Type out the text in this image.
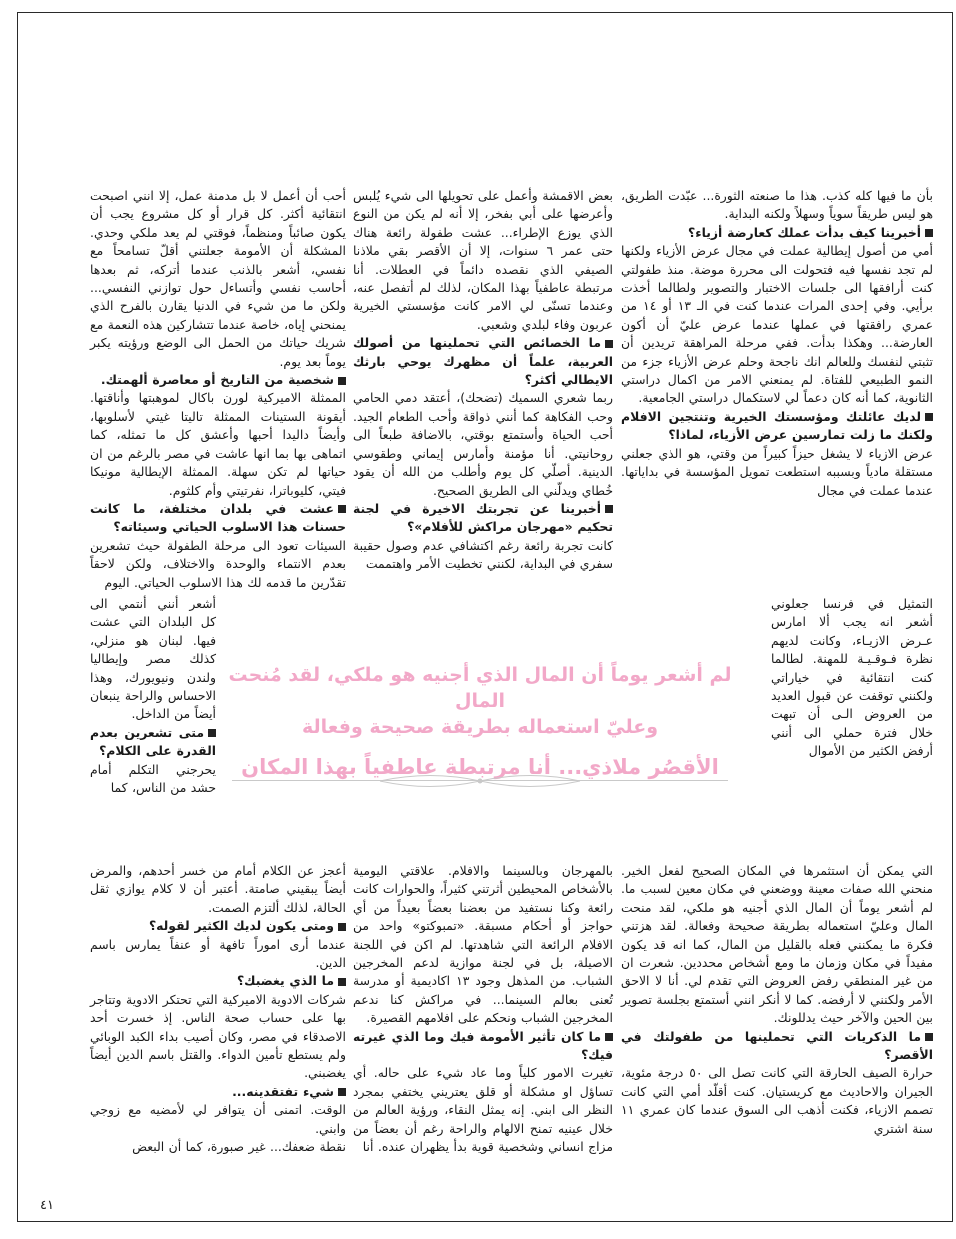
بأن ما فيها كله كذب. هذا ما صنعته الثورة... عبّدت الطريق، هو ليس طريقاً سوياً وسهلاً ولكنه البداية.

أخبرينا كيف بدأت عملك كعارضة أزياء؟

أمي من أصول إيطالية عملت في مجال عرض الأزياء ولكنها لم تجد نفسها فيه فتحولت الى محررة موضة. منذ طفولتي كنت أرافقها الى جلسات الاختبار والتصوير ولطالما أخذت برأيي. وفي إحدى المرات عندما كنت في الـ ١٣ أو ١٤ من عمري رافقتها في عملها عندما عرض عليّ أن أكون العارضة... وهكذا بدأت. ففي مرحلة المراهقة تريدين أن تثبتي لنفسك وللعالم انك ناجحة وحلم عرض الأزياء جزء من النمو الطبيعي للفتاة. لم يمنعني الامر من اكمال دراستي الثانوية، كما أنه كان دعماً لي لاستكمال دراستي الجامعية.

لديك عائلتك ومؤسستك الخيرية وتنتجين الافلام ولكنك ما زلت تمارسين عرض الأزياء، لماذا؟

عرض الازياء لا يشغل حيزاً كبيراً من وقتي، هو الذي جعلني مستقلة مادياً وبسببه استطعت تمويل المؤسسة في بداياتها. عندما عملت في مجال

التمثيل في فرنسا جعلوني أشعر انه يجب ألا امارس عـرض الازيـاء، وكانت لديهم نظرة فـوقـيـة للمهنة. لطالما كنت انتقائية في خياراتي ولكنني توقفت عن قبول العديد من العروض الـى أن تبهت خلال فترة حملي الى أنني أرفض الكثير من الأموال

التي يمكن أن استثمرها في المكان الصحيح لفعل الخير. منحني الله صفات معينة ووضعني في مكان معين لسبب ما. لم أشعر يوماً أن المال الذي أجنيه هو ملكي، لقد منحت المال وعليّ استعماله بطريقة صحيحة وفعالة. لقد هزتني فكرة ما يمكنني فعله بالقليل من المال، كما انه قد يكون مفيداً في مكان وزمان ما ومع أشخاص محددين. شعرت ان من غير المنطقي رفض العروض التي تقدم لي. أنا لا الاحق الأمر ولكنني لا أرفضه. كما لا أنكر انني أستمتع بجلسة تصوير بين الحين والآخر حيث يدللونك.

ما الذكريات التي تحملينها من طفولتك في الأقصر؟

حرارة الصيف الحارقة التي كانت تصل الى ٥٠ درجة مئوية، الجيران والاحاديث مع كريستيان. كنت أقلّد أمي التي كانت تصمم الازياء، فكنت أذهب الى السوق عندما كان عمري ١١ سنة اشتري

بعض الاقمشة وأعمل على تحويلها الى شيء يُلبس وأعرضها على أبي بفخر، إلا أنه لم يكن من النوع الذي يوزع الإطراء... عشت طفولة رائعة هناك حتى عمر ٦ سنوات، إلا أن الأقصر بقي ملاذنا الصيفي الذي نقصده دائماً في العطلات. أنا مرتبطة عاطفياً بهذا المكان، لذلك لم أتفصل عنه، وعندما تسنّى لي الامر كانت مؤسستي الخيرية عربون وفاء لبلدي وشعبي.

ما الخصائص التي تحملينها من أصولك العربية، علماً أن مظهرك يوحي بارثك الايطالي أكثر؟

ربما شعري السميك (تضحك)، أعتقد دمي الحامي وحب الفكاهة كما أنني ذواقة وأحب الطعام الجيد. أحب الحياة وأستمتع بوقتي، بالاضافة طبعاً الى روحانيتي. أنا مؤمنة وأمارس إيماني وطقوسي الدينية. أصلّي كل يوم وأطلب من الله أن يقود خُطاي ويدلّني الى الطريق الصحيح.

أخبرينا عن تجربتك الاخيرة في لجنة تحكيم «مهرجان مراكش للأفلام»؟

كانت تجربة رائعة رغم اكتشافي عدم وصول حقيبة سفري في البداية، لكنني تخطيت الأمر واهتممت

بالمهرجان وبالسينما والافلام. علاقتي اليومية بالأشخاص المحيطين أثرتني كثيراً، والحوارات كانت رائعة وكنا نستفيد من بعضنا بعضاً بعيداً من أي حواجز أو أحكام مسبقة. «تمبوكتو» واحد من الافلام الرائعة التي شاهدتها. لم اكن في اللجنة الاصيلة، بل في لجنة موازية لدعم المخرجين الشباب. من المذهل وجود ١٣ اكاديمية أو مدرسة تُعنى بعالم السينما... في مراكش كنا ندعم المخرجين الشباب ونحكم على افلامهم القصيرة.

ما كان تأثير الأمومة فيك وما الذي غيرته فيك؟

تغيرت الامور كلياً وما عاد شيء على حاله. أي تساؤل او مشكلة أو قلق يعتريني يختفي بمجرد النظر الى ابني. إنه يمثل النقاء، ورؤية العالم من خلال عينيه تمنح الالهام والراحة رغم أن بعضاً من مزاج انساني وشخصية قوية بدأ يظهران عنده. أنا

أحب أن أعمل لا بل مدمنة عمل، إلا انني اصبحت انتقائية أكثر. كل قرار أو كل مشروع يجب أن يكون صائباً ومنظماً، فوقتي لم يعد ملكي وحدي. المشكلة أن الأمومة جعلتني أقلّ تسامحاً مع نفسي، أشعر بالذنب عندما أتركه، ثم بعدها أحاسب نفسي وأتساءل حول توازني النفسي... ولكن ما من شيء في الدنيا يقارن بالفرح الذي يمنحني إياه، خاصة عندما تتشاركين هذه النعمة مع شريك حياتك من الحمل الى الوضع ورؤيته يكبر يوماً بعد يوم.

شخصية من التاريخ أو معاصرة ألهمتك.

الممثلة الاميركية لورن باكال لموهبتها وأناقتها. أيقونة الستينات الممثلة تاليتا غيتي لأسلوبها، وأيضاً داليدا أحبها وأعشق كل ما تمثله، كما اتماهى بها بما انها عاشت في مصر بالرغم من ان حياتها لم تكن سهلة. الممثلة الإيطالية مونيكا فيتي، كليوباترا، نفرتيتي وأم كلثوم.

عشت في بلدان مختلفة، ما كانت حسنات هذا الاسلوب الحياتي وسيئاته؟

السيئات تعود الى مرحلة الطفولة حيث تشعرين بعدم الانتماء والوحدة والاختلاف، ولكن لاحقاً تقدّرين ما قدمه لك هذا الاسلوب الحياتي. اليوم

أشعر أنني أنتمي الى كل البلدان التي عشت فيها. لبنان هو منزلي، كذلك مصر وإيطاليا ولندن ونيويورك، وهذا الاحساس والراحة ينبعان أيضاً من الداخل.

متى تشعرين بعدم القدرة على الكلام؟

يحرجني التكلم أمام حشد من الناس، كما

أعجز عن الكلام أمام من خسر أحدهم، والمرض أيضاً يبقيني صامتة. أعتبر أن لا كلام يوازي ثقل الحالة، لذلك ألتزم الصمت.

ومتى يكون لديك الكثير لقوله؟

عندما أرى اموراً تافهة أو عنفاً يمارس باسم الدين.

ما الذي يغضبك؟

شركات الادوية الاميركية التي تحتكر الادوية وتتاجر بها على حساب صحة الناس. إذ خسرت أحد الاصدقاء في مصر، وكان أصيب بداء الكبد الوبائي ولم يستطع تأمين الدواء. والقتل باسم الدين أيضاً يغضبني.

شيء تفتقدينه...

الوقت. اتمنى أن يتوافر لي لأمضيه مع زوجي وابني.

نقطة ضعفك... غير صبورة، كما أن البعض

لم أشعر يوماً أن المال الذي أجنيه هو ملكي، لقد مُنحت المال
وعليّ استعماله بطريقة صحيحة وفعالة
الأقصُر ملاذي... أنا مرتبطة عاطفياً بهذا المكان
٤١
